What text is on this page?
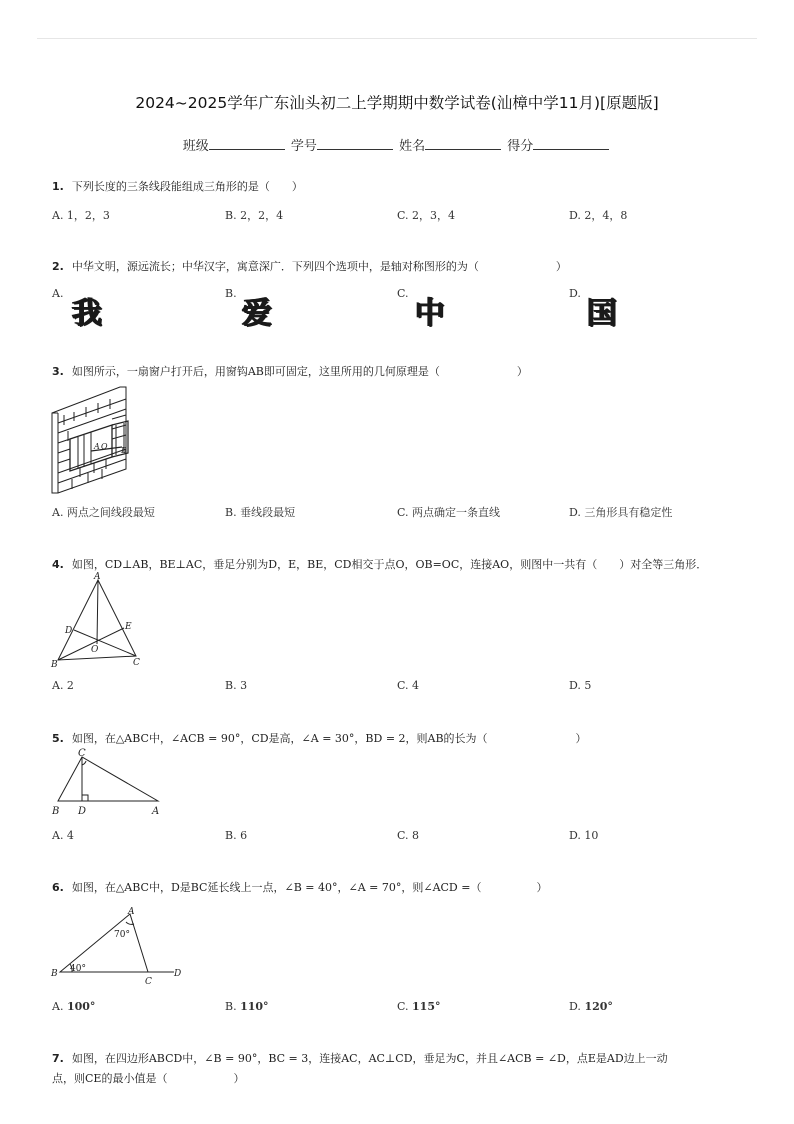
2024~2025学年广东汕头初二上学期期中数学试卷(汕樟中学11月)[原题版]
班级	学号	姓名	得分
1. 下列长度的三条线段能组成三角形的是（　　）
A. 1，2，3	B. 2，2，4	C. 2，3，4	D. 2，4，8
2. 中华文明，源远流长；中华汉字，寓意深广．下列四个选项中，是轴对称图形的为（　　　　　　　）
A.	B.	C.	D.
我	爱	中	国
3. 如图所示，一扇窗户打开后，用窗钩AB即可固定，这里所用的几何原理是（　　　　　　　）
A O B
A. 两点之间线段最短	B. 垂线段最短	C. 两点确定一条直线	D. 三角形具有稳定性
4. 如图，CD⊥AB，BE⊥AC，垂足分别为D，E，BE，CD相交于点O，OB=OC，连接AO，则图中一共有（　　）对全等三角形．
A
D	E
O
B	C
A. 2	B. 3	C. 4	D. 5
5. 如图，在△ABC中，∠ACB = 90°，CD是高，∠A = 30°，BD = 2，则AB的长为（　　　　　　　　）
C
B D	A
A. 4	B. 6	C. 8	D. 10
6. 如图，在△ABC中，D是BC延长线上一点，∠B = 40°，∠A = 70°，则∠ACD =（　　　　　）
A
70°
40°
B
C
D
A. 100°	B. 110°	C. 115°	D. 120°
7. 如图，在四边形ABCD中，∠B = 90°，BC = 3，连接AC，AC⊥CD，垂足为C，并且∠ACB = ∠D，点E是AD边上一动
点，则CE的最小值是（　　　　　　）
